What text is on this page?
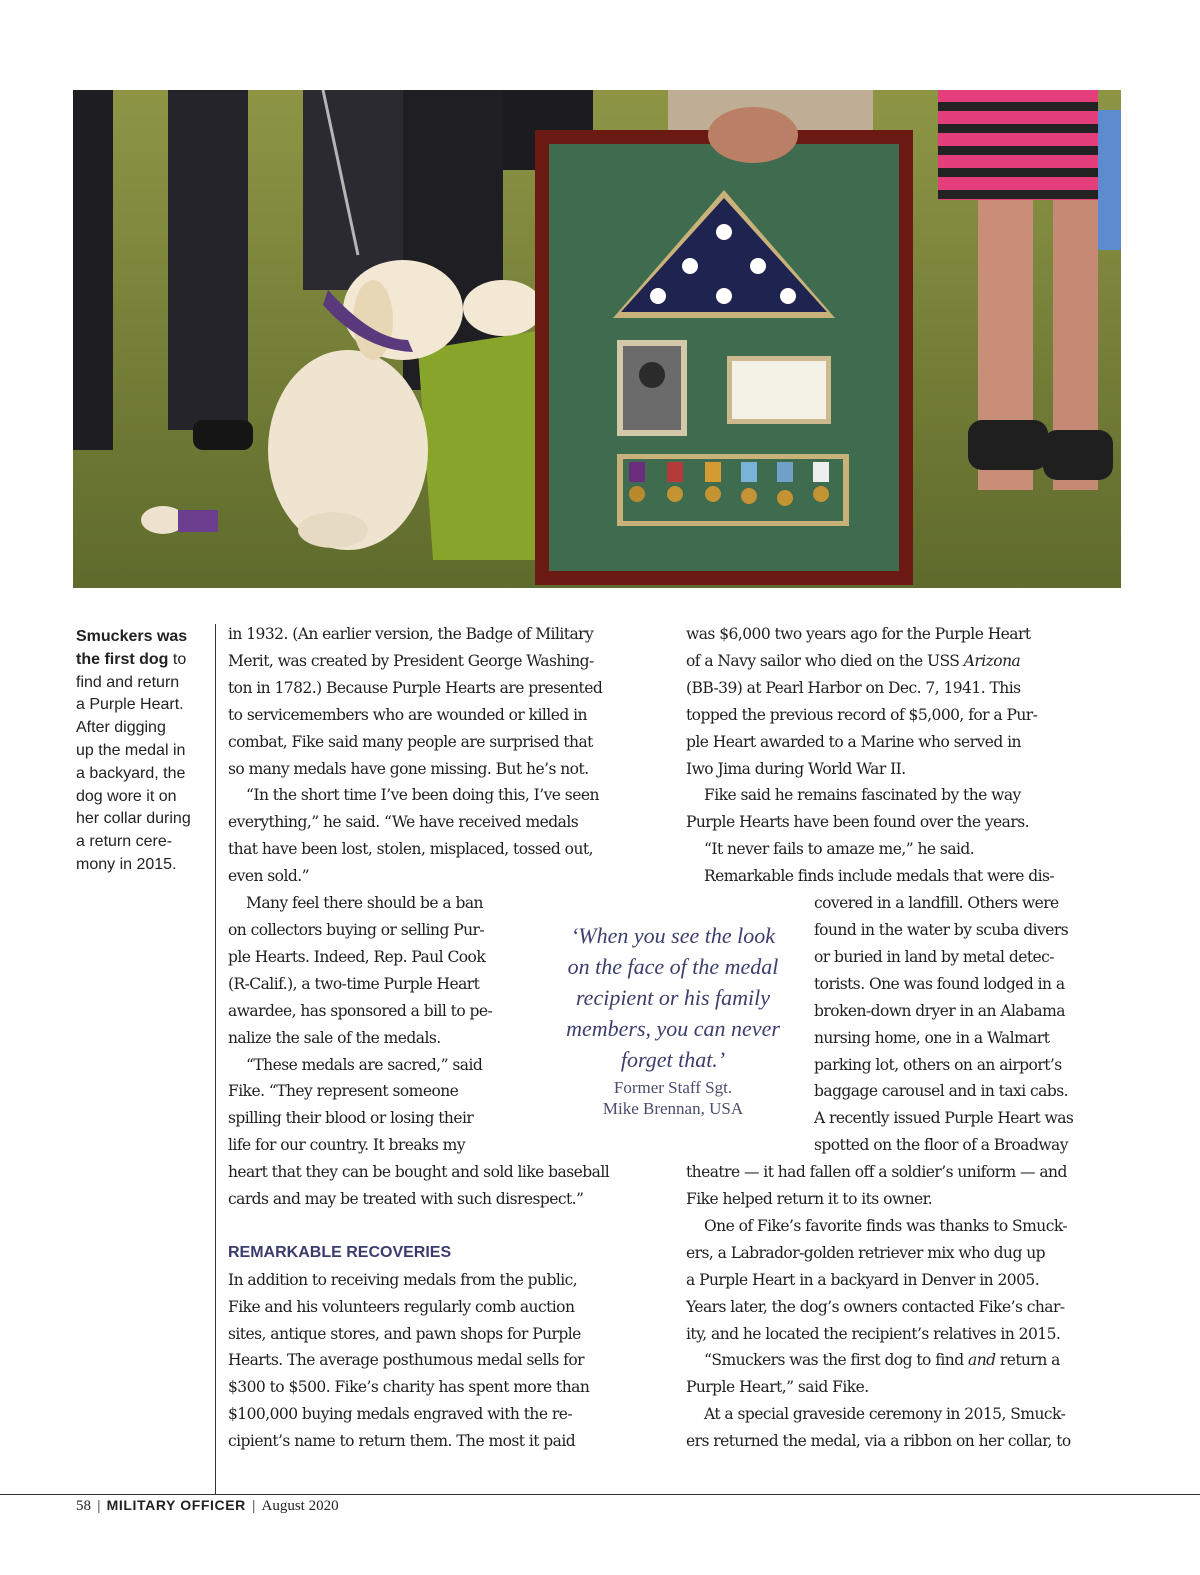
Smuckers was
the first dog to
find and return
a Purple Heart.
After digging
up the medal in
a backyard, the
dog wore it on
her collar during
a return cere-
mony in 2015.

in 1932. (An earlier version, the Badge of Military
Merit, was created by President George Washing-
ton in 1782.) Because Purple Hearts are presented
to servicemembers who are wounded or killed in
combat, Fike said many people are surprised that
so many medals have gone missing. But he’s not.

“In the short time I’ve been doing this, I’ve seen
everything,” he said. “We have received medals
that have been lost, stolen, misplaced, tossed out,
even sold.”

Many feel there should be a ban
on collectors buying or selling Pur-
ple Hearts. Indeed, Rep. Paul Cook
(R-Calif.), a two-time Purple Heart
awardee, has sponsored a bill to pe-
nalize the sale of the medals.

“These medals are sacred,” said
Fike. “They represent someone
spilling their blood or losing their
life for our country. It breaks my
heart that they can be bought and sold like baseball
cards and may be treated with such disrespect.”

REMARKABLE RECOVERIES

In addition to receiving medals from the public,
Fike and his volunteers regularly comb auction
sites, antique stores, and pawn shops for Purple
Hearts. The average posthumous medal sells for
$300 to $500. Fike’s charity has spent more than
$100,000 buying medals engraved with the re-
cipient’s name to return them. The most it paid

‘When you see the look
on the face of the medal
recipient or his family
members, you can never
forget that.’
Former Staff Sgt.
Mike Brennan, USA

was $6,000 two years ago for the Purple Heart
of a Navy sailor who died on the USS Arizona
(BB-39) at Pearl Harbor on Dec. 7, 1941. This
topped the previous record of $5,000, for a Pur-
ple Heart awarded to a Marine who served in
Iwo Jima during World War II.

Fike said he remains fascinated by the way
Purple Hearts have been found over the years.

“It never fails to amaze me,” he said.

Remarkable finds include medals that were dis-
covered in a landfill. Others were
found in the water by scuba divers
or buried in land by metal detec-
torists. One was found lodged in a
broken-down dryer in an Alabama
nursing home, one in a Walmart
parking lot, others on an airport’s
baggage carousel and in taxi cabs.

A recently issued Purple Heart was
spotted on the floor of a Broadway
theatre — it had fallen off a soldier’s uniform — and
Fike helped return it to its owner.

One of Fike’s favorite finds was thanks to Smuck-
ers, a Labrador-golden retriever mix who dug up
a Purple Heart in a backyard in Denver in 2005.
Years later, the dog’s owners contacted Fike’s char-
ity, and he located the recipient’s relatives in 2015.

“Smuckers was the first dog to find and return a
Purple Heart,” said Fike.

At a special graveside ceremony in 2015, Smuck-
ers returned the medal, via a ribbon on her collar, to

58 | MILITARY OFFICER | August 2020
